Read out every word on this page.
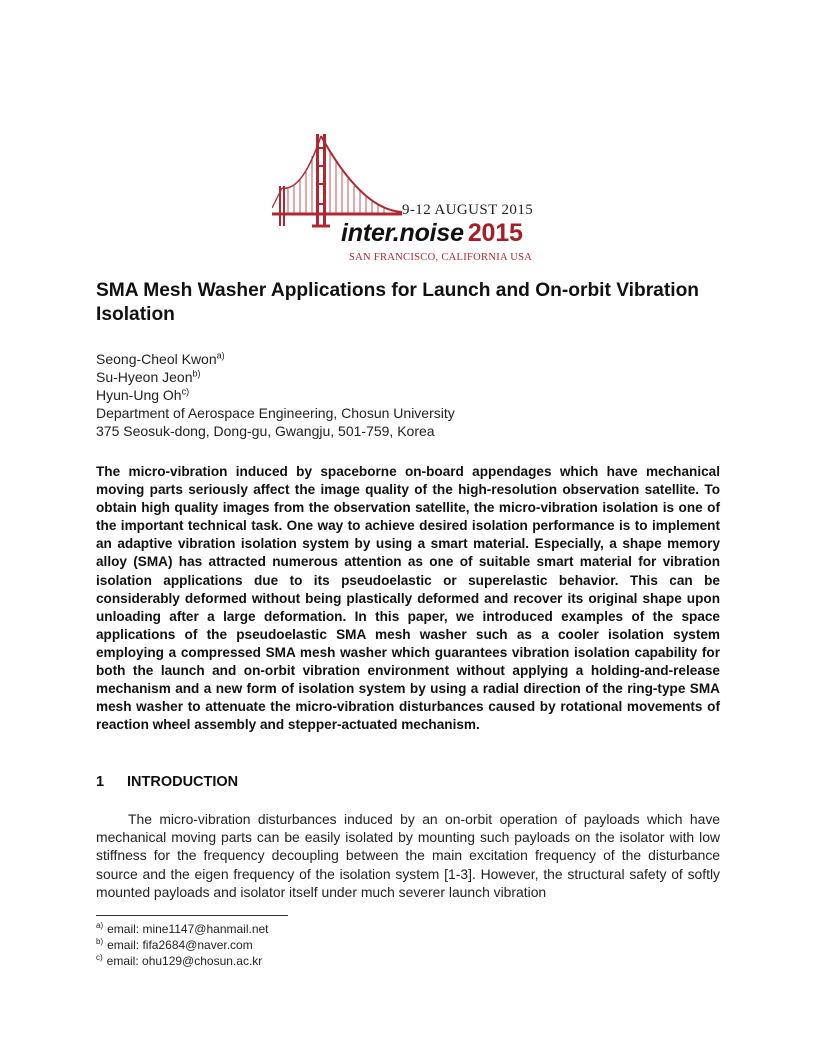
9-12 AUGUST 2015
inter.noise 2015
SAN FRANCISCO, CALIFORNIA USA
SMA Mesh Washer Applications for Launch and On-orbit Vibration Isolation
Seong-Cheol Kwon$^{a)}$
Su-Hyeon Jeon$^{b)}$
Hyun-Ung Oh$^{c)}$
Department of Aerospace Engineering, Chosun University
375 Seosuk-dong, Dong-gu, Gwangju, 501-759, Korea

The micro-vibration induced by spaceborne on-board appendages which have mechanical moving parts seriously affect the image quality of the high-resolution observation satellite. To obtain high quality images from the observation satellite, the micro-vibration isolation is one of the important technical task. One way to achieve desired isolation performance is to implement an adaptive vibration isolation system by using a smart material. Especially, a shape memory alloy (SMA) has attracted numerous attention as one of suitable smart material for vibration isolation applications due to its pseudoelastic or superelastic behavior. This can be considerably deformed without being plastically deformed and recover its original shape upon unloading after a large deformation. In this paper, we introduced examples of the space applications of the pseudoelastic SMA mesh washer such as a cooler isolation system employing a compressed SMA mesh washer which guarantees vibration isolation capability for both the launch and on-orbit vibration environment without applying a holding-and-release mechanism and a new form of isolation system by using a radial direction of the ring-type SMA mesh washer to attenuate the micro-vibration disturbances caused by rotational movements of reaction wheel assembly and stepper-actuated mechanism.

1 INTRODUCTION

The micro-vibration disturbances induced by an on-orbit operation of payloads which have mechanical moving parts can be easily isolated by mounting such payloads on the isolator with low stiffness for the frequency decoupling between the main excitation frequency of the disturbance source and the eigen frequency of the isolation system [1-3]. However, the structural safety of softly mounted payloads and isolator itself under much severer launch vibration

$^{a)}$ email: mine1147@hanmail.net
$^{b)}$ email: fifa2684@naver.com
$^{c)}$ email: ohu129@chosun.ac.kr
